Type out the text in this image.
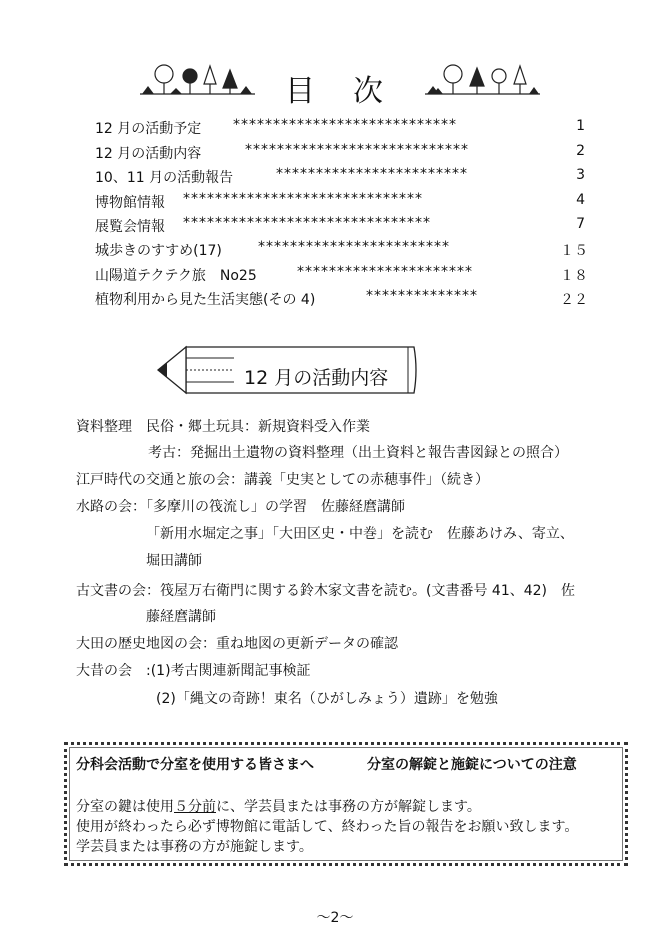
目次
12 月の活動予定 ****************************	1
12 月の活動内容	****************************	2
10、11 月の活動報告	************************	3
博物館情報 ******************************	4
展覧会情報 *******************************	7
城歩きのすすめ(17)	************************	１５
山陽道テクテク旅　No25	**********************	１８
植物利用から見た生活実態(その 4)	**************	２２
12 月の活動内容
資料整理　民俗・郷土玩具：新規資料受入作業
考古：発掘出土遺物の資料整理（出土資料と報告書図録との照合）
江戸時代の交通と旅の会：講義「史実としての赤穂事件」（続き）
水路の会：「多摩川の筏流し」の学習　佐藤経麿講師
「新用水堀定之事」「大田区史・中巻」を読む　佐藤あけみ、寄立、
堀田講師
古文書の会：筏屋万右衛門に関する鈴木家文書を読む。(文書番号 41、42)　佐
藤経麿講師
大田の歴史地図の会：重ね地図の更新データの確認
大昔の会　:(1)考古関連新聞記事検証
(2)「縄文の奇跡！東名（ひがしみょう）遺跡」を勉強
分科会活動で分室を使用する皆さまへ	分室の解錠と施錠についての注意
分室の鍵は使用５分前に、学芸員または事務の方が解錠します。
使用が終わったら必ず博物館に電話して、終わった旨の報告をお願い致します。
学芸員または事務の方が施錠します。
～2～
